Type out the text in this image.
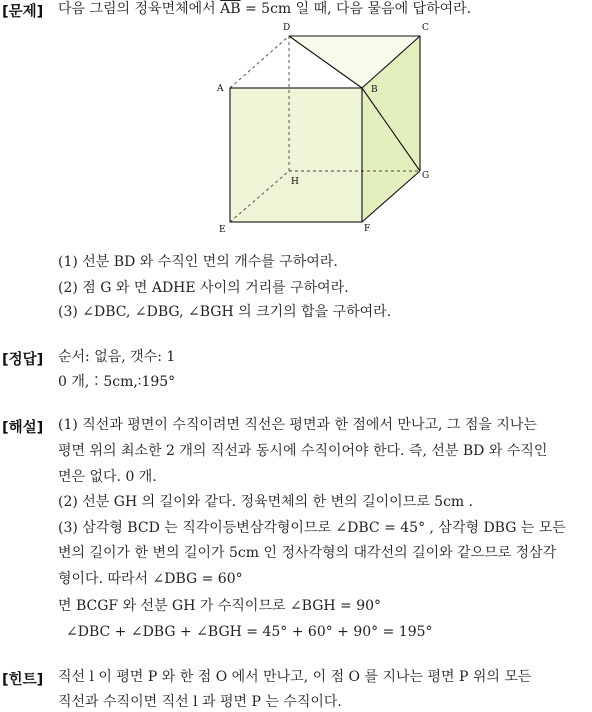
[문제] 다음 그림의 정육면체에서 $\overline{AB} = 5cm$ 일 때, 다음 물음에 답하여라.
D	C
A	B
H
G
E	F
(1) 선분 BD 와 수직인 면의 개수를 구하여라.
(2) 점 G 와 면 ADHE 사이의 거리를 구하여라.
(3) ∠DBC, ∠DBG, ∠BGH 의 크기의 합을 구하여라.
[정답] 순서: 없음, 갯수: 1
0 개,∶5cm,∶195°
[해설] (1) 직선과 평면이 수직이려면 직선은 평면과 한 점에서 만나고, 그 점을 지나는
평면 위의 최소한 2 개의 직선과 동시에 수직이어야 한다. 즉, 선분 BD 와 수직인
면은 없다. 0 개.
(2) 선분 GH 의 길이와 같다. 정육면체의 한 변의 길이이므로 5cm .
(3) 삼각형 BCD 는 직각이등변삼각형이므로 ∠DBC = 45° , 삼각형 DBG 는 모든
변의 길이가 한 변의 길이가 5cm 인 정사각형의 대각선의 길이와 같으므로 정삼각
형이다. 따라서 ∠DBG = 60°
면 BCGF 와 선분 GH 가 수직이므로 ∠BGH = 90°
∠DBC + ∠DBG + ∠BGH = 45° + 60° + 90° = 195°
[힌트] 직선 l 이 평면 P 와 한 점 O 에서 만나고, 이 점 O 를 지나는 평면 P 위의 모든
직선과 수직이면 직선 l 과 평면 P 는 수직이다.
